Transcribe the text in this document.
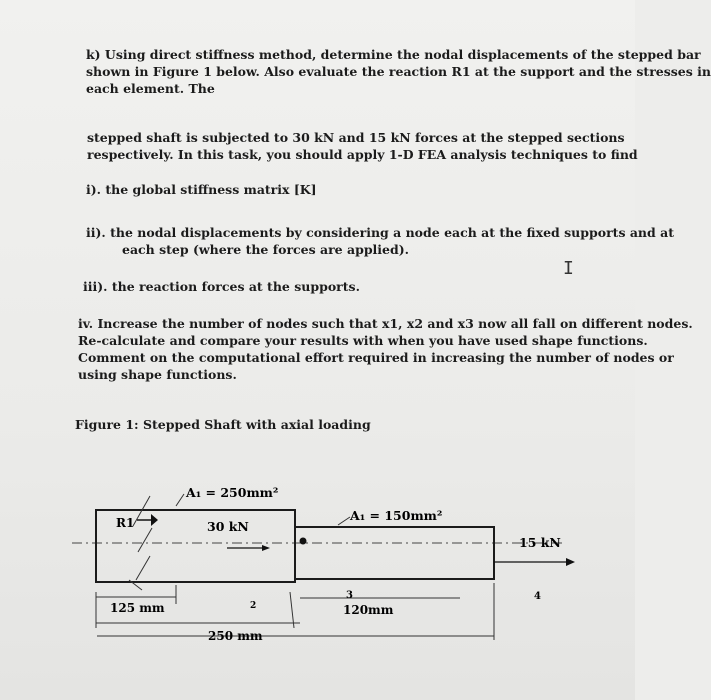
k) Using direct stiffness method, determine the nodal displacements of the stepped bar
shown in Figure 1 below. Also evaluate the reaction R1 at the support and the stresses in
each element. The
stepped shaft is subjected to 30 kN and 15 kN forces at the stepped sections
respectively. In this task, you should apply 1-D FEA analysis techniques to find
i). the global stiffness matrix [K]
ii). the nodal displacements by considering a node each at the fixed supports and at
each step (where the forces are applied).
iii). the reaction forces at the supports.
iv. Increase the number of nodes such that x1, x2 and x3 now all fall on different nodes.
Re-calculate and compare your results with when you have used shape functions.
Comment on the computational effort required in increasing the number of nodes or
using shape functions.
Figure 1: Stepped Shaft with axial loading
I
A₁ = 250mm²
A₁ = 150mm²
R1	30 kN
15 kN
2
3	4
125 mm
250 mm
120mm
